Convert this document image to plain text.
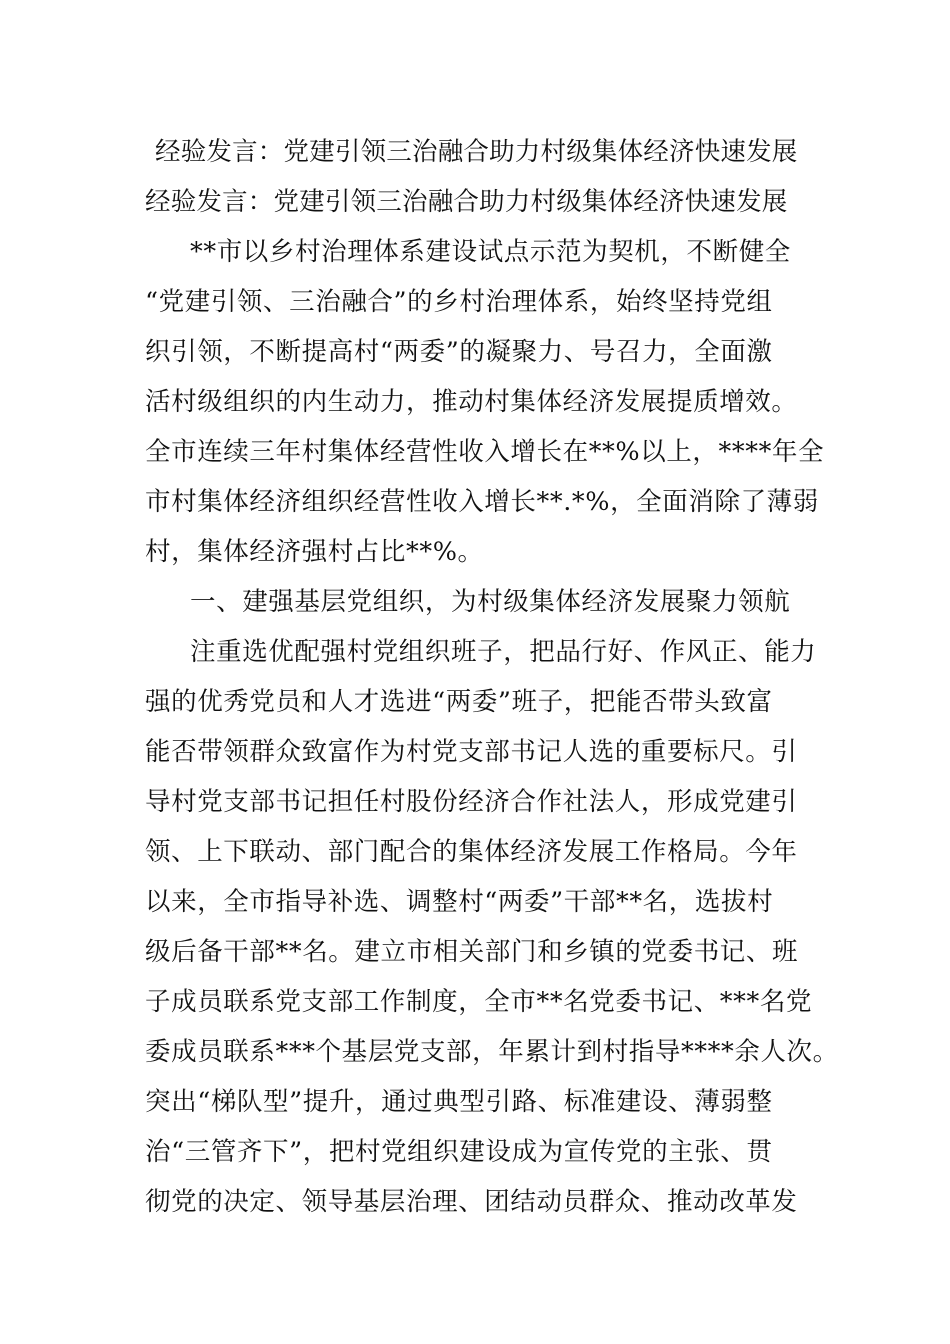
经验发言：党建引领三治融合助力村级集体经济快速发展
经验发言：党建引领三治融合助力村级集体经济快速发展
**市以乡村治理体系建设试点示范为契机，不断健全
“党建引领、三治融合”的乡村治理体系，始终坚持党组
织引领，不断提高村“两委”的凝聚力、号召力，全面激
活村级组织的内生动力，推动村集体经济发展提质增效。
全市连续三年村集体经营性收入增长在**%以上，****年全
市村集体经济组织经营性收入增长**.*%，全面消除了薄弱
村，集体经济强村占比**%。
一、建强基层党组织，为村级集体经济发展聚力领航
注重选优配强村党组织班子，把品行好、作风正、能力
强的优秀党员和人才选进“两委”班子，把能否带头致富
能否带领群众致富作为村党支部书记人选的重要标尺。引
导村党支部书记担任村股份经济合作社法人，形成党建引
领、上下联动、部门配合的集体经济发展工作格局。今年
以来，全市指导补选、调整村“两委”干部**名，选拔村
级后备干部**名。建立市相关部门和乡镇的党委书记、班
子成员联系党支部工作制度，全市**名党委书记、***名党
委成员联系***个基层党支部，年累计到村指导****余人次。
突出“梯队型”提升，通过典型引路、标准建设、薄弱整
治“三管齐下”，把村党组织建设成为宣传党的主张、贯
彻党的决定、领导基层治理、团结动员群众、推动改革发
